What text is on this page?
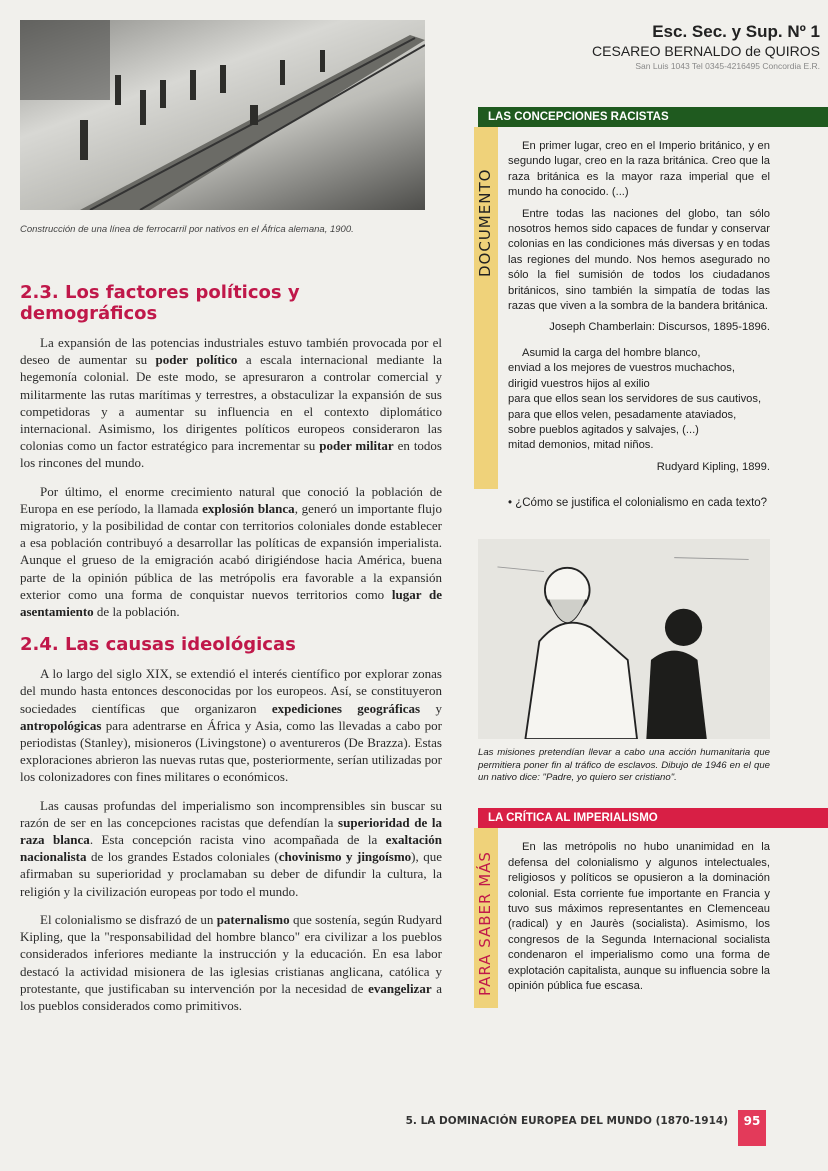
Construcción de una línea de ferrocarril por nativos en el África alemana, 1900.
2.3. Los factores políticos y demográficos

La expansión de las potencias industriales estuvo también provocada por el deseo de aumentar su poder político a escala internacional mediante la hegemonía colonial. De este modo, se apresuraron a controlar comercial y militarmente las rutas marítimas y terrestres, a obstaculizar la expansión de sus competidoras y a aumentar su influencia en el contexto diplomático internacional. Asimismo, los dirigentes políticos europeos consideraron las colonias como un factor estratégico para incrementar su poder militar en todos los rincones del mundo.

Por último, el enorme crecimiento natural que conoció la población de Europa en ese período, la llamada explosión blanca, generó un importante flujo migratorio, y la posibilidad de contar con territorios coloniales donde establecer a esa población contribuyó a desarrollar las políticas de expansión imperialista. Aunque el grueso de la emigración acabó dirigiéndose hacia América, buena parte de la opinión pública de las metrópolis era favorable a la expansión exterior como una forma de conquistar nuevos territorios como lugar de asentamiento de la población.

2.4. Las causas ideológicas

A lo largo del siglo XIX, se extendió el interés científico por explorar zonas del mundo hasta entonces desconocidas por los europeos. Así, se constituyeron sociedades científicas que organizaron expediciones geográficas y antropológicas para adentrarse en África y Asia, como las llevadas a cabo por periodistas (Stanley), misioneros (Livingstone) o aventureros (De Brazza). Estas exploraciones abrieron las nuevas rutas que, posteriormente, serían utilizadas por los colonizadores con fines militares o económicos.

Las causas profundas del imperialismo son incomprensibles sin buscar su razón de ser en las concepciones racistas que defendían la superioridad de la raza blanca. Esta concepción racista vino acompañada de la exaltación nacionalista de los grandes Estados coloniales (chovinismo y jingoísmo), que afirmaban su superioridad y proclamaban su deber de difundir la cultura, la religión y la civilización europeas por todo el mundo.

El colonialismo se disfrazó de un paternalismo que sostenía, según Rudyard Kipling, que la "responsabilidad del hombre blanco" era civilizar a los pueblos considerados inferiores mediante la instrucción y la educación. En esa labor destacó la actividad misionera de las iglesias cristianas anglicana, católica y protestante, que justificaban su intervención por la necesidad de evangelizar a los pueblos considerados como primitivos.

Esc. Sec. y Sup. Nº 1
CESAREO BERNALDO de QUIROS
San Luis 1043 Tel 0345-4216495 Concordia E.R.
LAS CONCEPCIONES RACISTAS
DOCUMENTO

En primer lugar, creo en el Imperio británico, y en segundo lugar, creo en la raza británica. Creo que la raza británica es la mayor raza imperial que el mundo ha conocido. (...)

Entre todas las naciones del globo, tan sólo nosotros hemos sido capaces de fundar y conservar colonias en las condiciones más diversas y en todas las regiones del mundo. Nos hemos asegurado no sólo la fiel sumisión de todos los ciudadanos británicos, sino también la simpatía de todas las razas que viven a la sombra de la bandera británica.

Joseph Chamberlain: Discursos, 1895-1896.

Asumid la carga del hombre blanco,
enviad a los mejores de vuestros muchachos,
dirigid vuestros hijos al exilio
para que ellos sean los servidores de sus cautivos,
para que ellos velen, pesadamente ataviados,
sobre pueblos agitados y salvajes, (...)
mitad demonios, mitad niños.

Rudyard Kipling, 1899.

• ¿Cómo se justifica el colonialismo en cada texto?
Las misiones pretendían llevar a cabo una acción humanitaria que permitiera poner fin al tráfico de esclavos. Dibujo de 1946 en el que un nativo dice: "Padre, yo quiero ser cristiano".
LA CRÍTICA AL IMPERIALISMO
PARA SABER MÁS

En las metrópolis no hubo unanimidad en la defensa del colonialismo y algunos intelectuales, religiosos y políticos se opusieron a la dominación colonial. Esta corriente fue importante en Francia y tuvo sus máximos representantes en Clemenceau (radical) y en Jaurès (socialista). Asimismo, los congresos de la Segunda Internacional socialista condenaron el imperialismo como una forma de explotación capitalista, aunque su influencia sobre la opinión pública fue escasa.

5. LA DOMINACIÓN EUROPEA DEL MUNDO (1870-1914)	95
